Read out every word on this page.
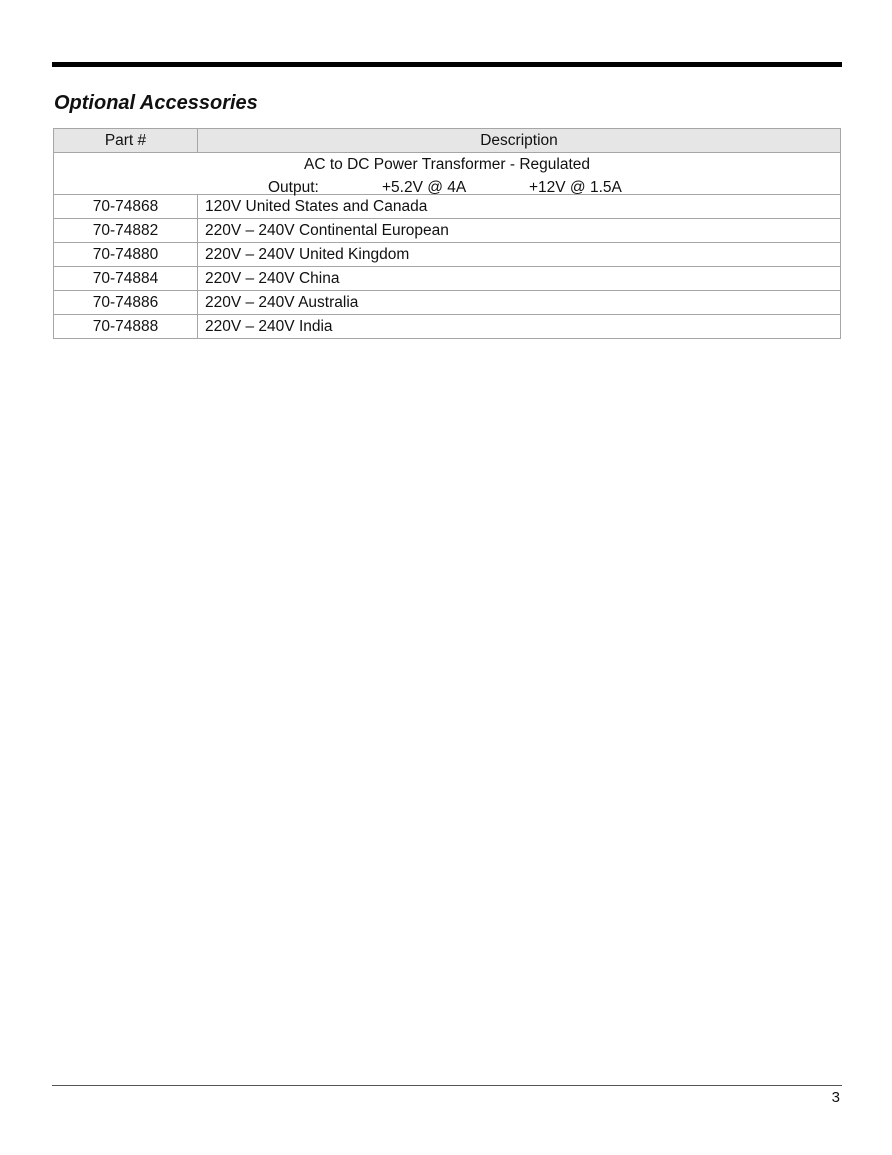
Optional Accessories
Part #	Description

AC to DC Power Transformer - Regulated
Output: +5.2V @ 4A +12V @ 1.5A	

70-74868	120V United States and Canada
70-74882	220V – 240V Continental European
70-74880	220V – 240V United Kingdom
70-74884	220V – 240V China
70-74886	220V – 240V Australia
70-74888	220V – 240V India
3
